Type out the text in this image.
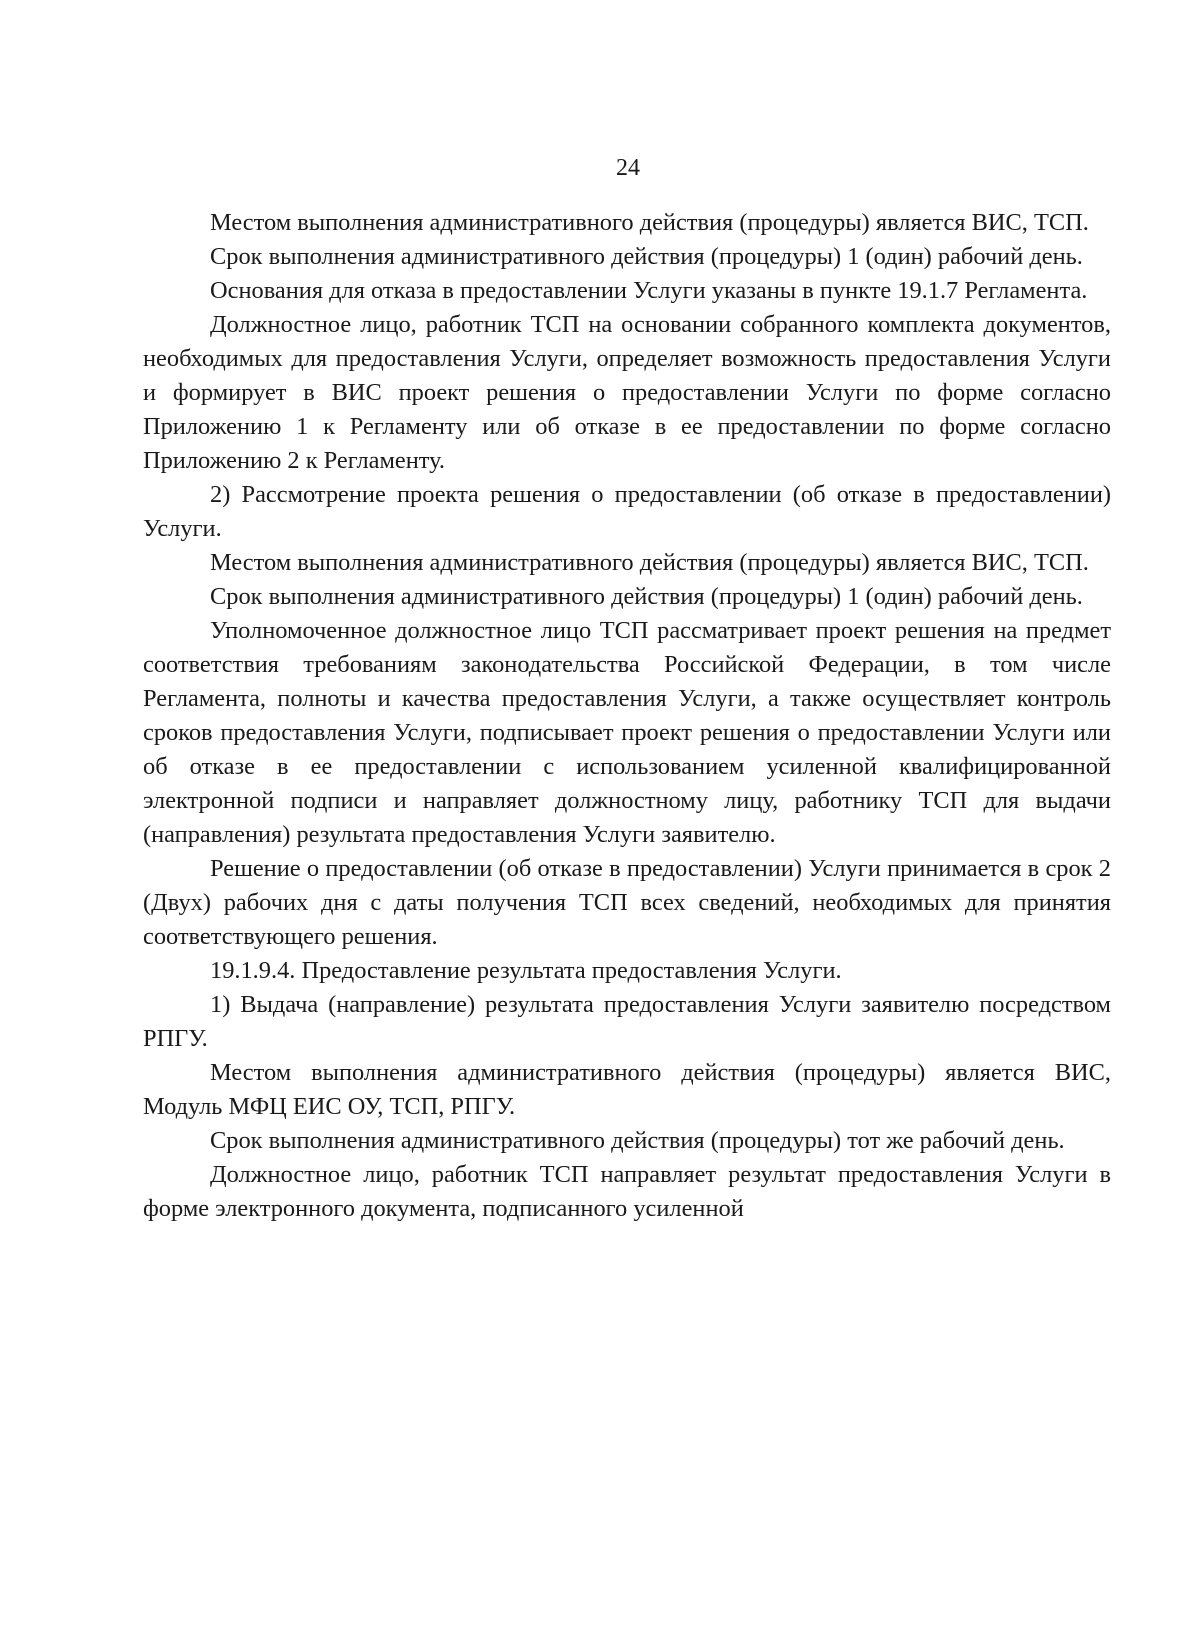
24

Местом выполнения административного действия (процедуры) является ВИС, ТСП.

Срок выполнения административного действия (процедуры) 1 (один) рабочий день.

Основания для отказа в предоставлении Услуги указаны в пункте 19.1.7 Регламента.

Должностное лицо, работник ТСП на основании собранного комплекта документов, необходимых для предоставления Услуги, определяет возможность предоставления Услуги и формирует в ВИС проект решения о предоставлении Услуги по форме согласно Приложению 1 к Регламенту или об отказе в ее предоставлении по форме согласно Приложению 2 к Регламенту.

2) Рассмотрение проекта решения о предоставлении (об отказе в предоставлении) Услуги.

Местом выполнения административного действия (процедуры) является ВИС, ТСП.

Срок выполнения административного действия (процедуры) 1 (один) рабочий день.

Уполномоченное должностное лицо ТСП рассматривает проект решения на предмет соответствия требованиям законодательства Российской Федерации, в том числе Регламента, полноты и качества предоставления Услуги, а также осуществляет контроль сроков предоставления Услуги, подписывает проект решения о предоставлении Услуги или об отказе в ее предоставлении с использованием усиленной квалифицированной электронной подписи и направляет должностному лицу, работнику ТСП для выдачи (направления) результата предоставления Услуги заявителю.

Решение о предоставлении (об отказе в предоставлении) Услуги принимается в срок 2 (Двух) рабочих дня с даты получения ТСП всех сведений, необходимых для принятия соответствующего решения.

19.1.9.4. Предоставление результата предоставления Услуги.

1) Выдача (направление) результата предоставления Услуги заявителю посредством РПГУ.

Местом выполнения административного действия (процедуры) является ВИС, Модуль МФЦ ЕИС ОУ, ТСП, РПГУ.

Срок выполнения административного действия (процедуры) тот же рабочий день.

Должностное лицо, работник ТСП направляет результат предоставления Услуги в форме электронного документа, подписанного усиленной
